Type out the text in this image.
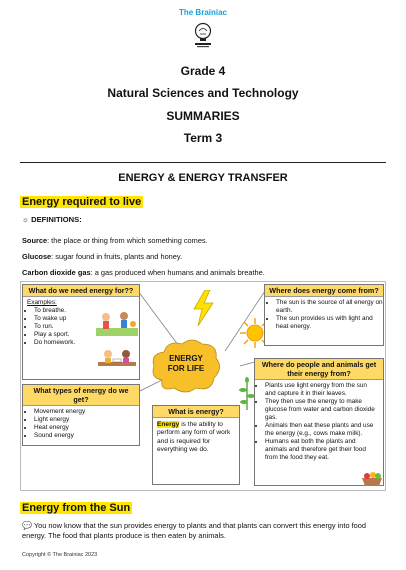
The Brainiac
Grade 4
Natural Sciences and Technology
SUMMARIES
Term 3
ENERGY & ENERGY TRANSFER
Energy required to live
☼ DEFINITIONS:
Source: the place or thing from which something comes.
Glucose: sugar found in fruits, plants and honey.
Carbon dioxide gas: a gas produced when humans and animals breathe.
What do we need energy for??
Examples:
• To breathe.
• To wake up
• To run.
• Play a sport.
• Do homework.
What types of energy do we get?
• Movement energy
• Light energy
• Heat energy
• Sound energy
ENERGY
FOR LIFE
Where does energy come from?
• The sun is the source of all energy on earth.
• The sun provides us with light and heat energy.
Where do people and animals get their energy from?
• Plants use light energy from the sun and capture it in their leaves.
• They then use the energy to make glucose from water and carbon dioxide gas.
• Animals then eat these plants and use the energy (e.g., cows make milk).
• Humans eat both the plants and animals and therefore get their food from the food they eat.
What is energy?
Energy is the ability to perform any form of work and is required for everything we do.
Energy from the Sun
💬 You now know that the sun provides energy to plants and that plants can convert this energy into food energy. The food that plants produce is then eaten by animals.
Copyright © The Brainiac 2023
